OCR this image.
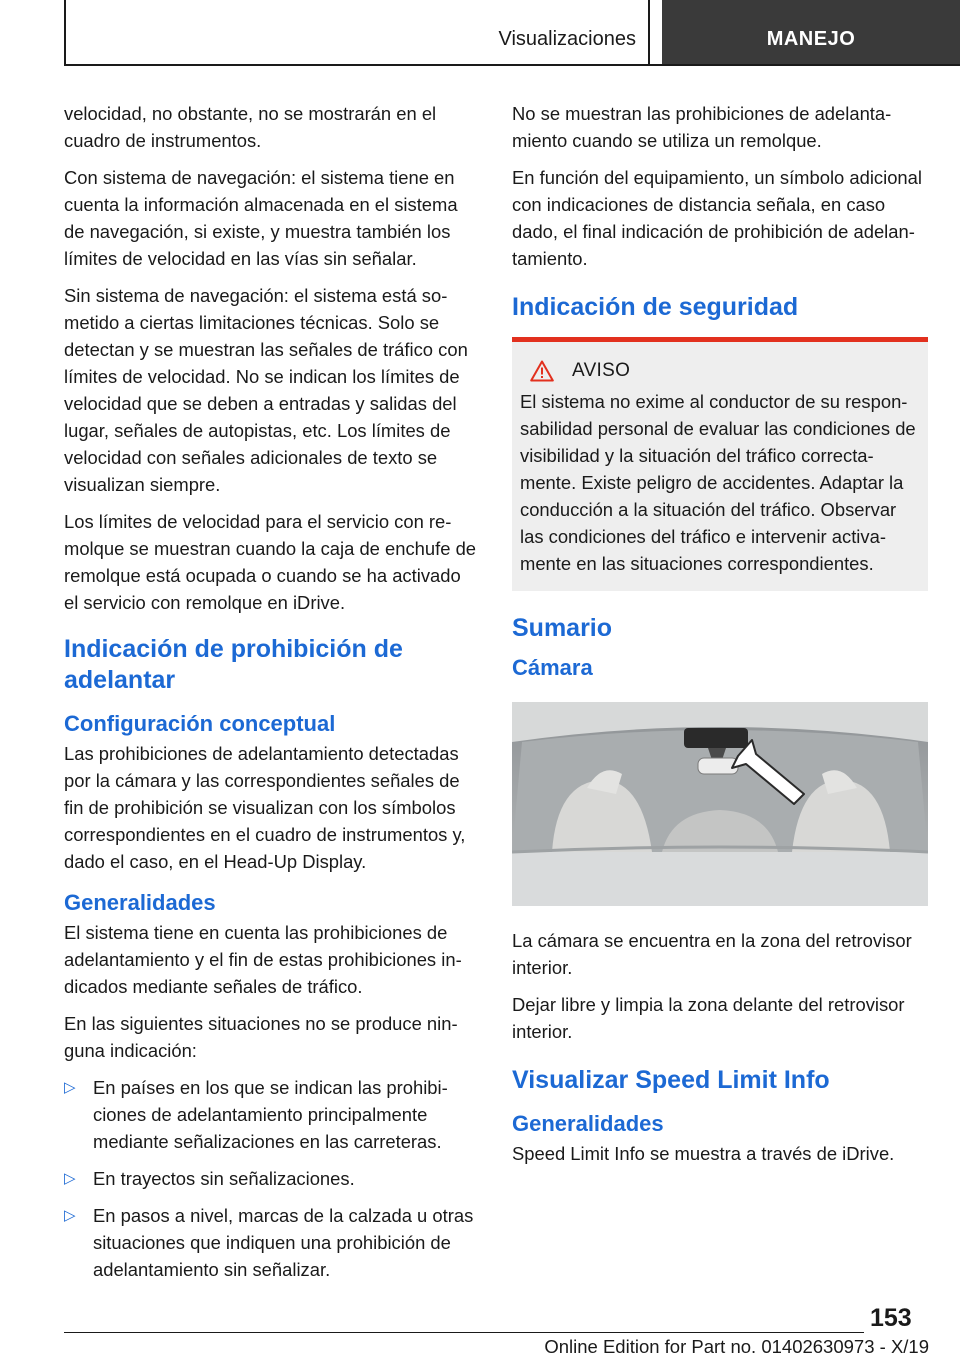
Visualizaciones	MANEJO

velocidad, no obstante, no se mostrarán en el cuadro de instrumentos.

Con sistema de navegación: el sistema tiene en cuenta la información almacenada en el sistema de navegación, si existe, y muestra también los límites de velocidad en las vías sin señalar.

Sin sistema de navegación: el sistema está sometido a ciertas limitaciones técnicas. Solo se detectan y se muestran las señales de tráfico con límites de velocidad. No se indican los límites de velocidad que se deben a entradas y salidas del lugar, señales de autopistas, etc. Los límites de velocidad con señales adicionales de texto se visualizan siempre.

Los límites de velocidad para el servicio con remolque se muestran cuando la caja de enchufe de remolque está ocupada o cuando se ha activado el servicio con remolque en iDrive.

Indicación de prohibición de adelantar
Configuración conceptual

Las prohibiciones de adelantamiento detectadas por la cámara y las correspondientes señales de fin de prohibición se visualizan con los símbolos correspondientes en el cuadro de instrumentos y, dado el caso, en el Head-Up Display.

Generalidades

El sistema tiene en cuenta las prohibiciones de adelantamiento y el fin de estas prohibiciones indicados mediante señales de tráfico.

En las siguientes situaciones no se produce ninguna indicación:

▷ En países en los que se indican las prohibiciones de adelantamiento principalmente mediante señalizaciones en las carreteras.
▷ En trayectos sin señalizaciones.
▷ En pasos a nivel, marcas de la calzada u otras situaciones que indiquen una prohibición de adelantamiento sin señalizar.

No se muestran las prohibiciones de adelantamiento cuando se utiliza un remolque.

En función del equipamiento, un símbolo adicional con indicaciones de distancia señala, en caso dado, el final indicación de prohibición de adelantamiento.

Indicación de seguridad
AVISO

El sistema no exime al conductor de su responsabilidad personal de evaluar las condiciones de visibilidad y la situación del tráfico correctamente. Existe peligro de accidentes. Adaptar la conducción a la situación del tráfico. Observar las condiciones del tráfico e intervenir activamente en las situaciones correspondientes.

Sumario
Cámara

La cámara se encuentra en la zona del retrovisor interior.

Dejar libre y limpia la zona delante del retrovisor interior.

Visualizar Speed Limit Info
Generalidades

Speed Limit Info se muestra a través de iDrive.

153
Online Edition for Part no. 01402630973 - X/19
